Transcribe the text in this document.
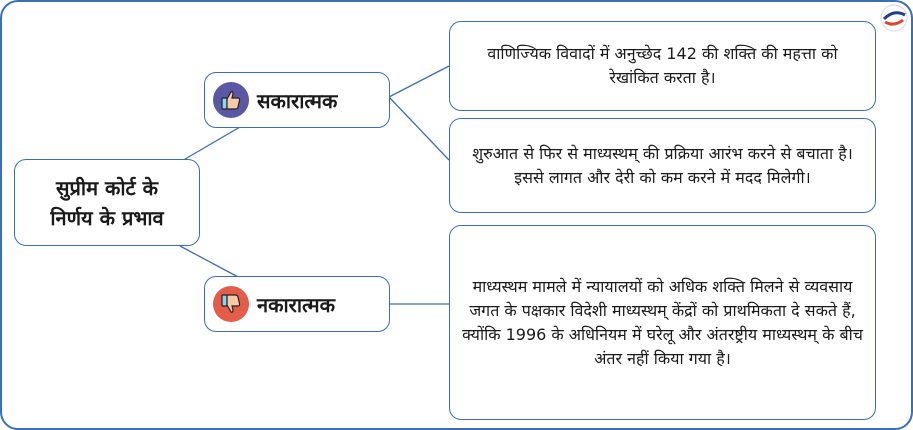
सुप्रीम कोर्ट के
निर्णय के प्रभाव
सकारात्मक
नकारात्मक
वाणिज्यिक विवादों में अनुच्छेद 142 की शक्ति की महत्ता को रेखांकित करता है।
शुरुआत से फिर से माध्यस्थम् की प्रक्रिया आरंभ करने से बचाता है। इससे लागत और देरी को कम करने में मदद मिलेगी।
माध्यस्थम मामले में न्यायालयों को अधिक शक्ति मिलने से व्यवसाय जगत के पक्षकार विदेशी माध्यस्थम् केंद्रों को प्राथमिकता दे सकते हैं, क्योंकि 1996 के अधिनियम में घरेलू और अंतरष्ट्रीय माध्यस्थम् के बीच अंतर नहीं किया गया है।
